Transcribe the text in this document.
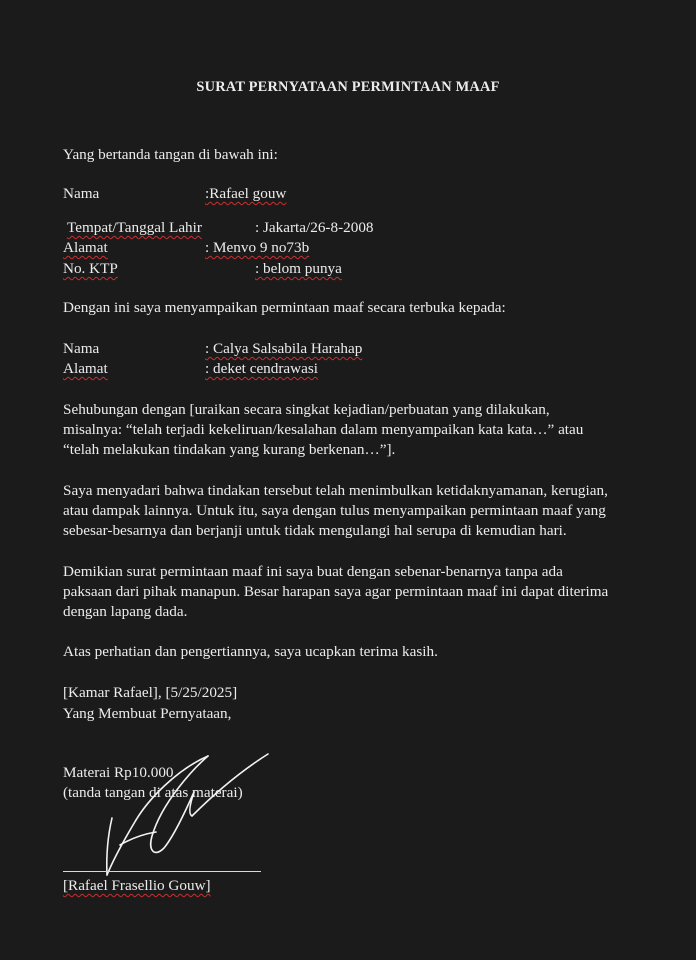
SURAT PERNYATAAN PERMINTAAN MAAF
Yang bertanda tangan di bawah ini:
Nama	:Rafael gouw
Tempat/Tanggal Lahir	: Jakarta/26-8-2008
Alamat	: Menvo 9 no73b
No. KTP	: belom punya
Dengan ini saya menyampaikan permintaan maaf secara terbuka kepada:
Nama	: Calya Salsabila Harahap
Alamat	: deket cendrawasi
Sehubungan dengan [uraikan secara singkat kejadian/perbuatan yang dilakukan,
misalnya: “telah terjadi kekeliruan/kesalahan dalam menyampaikan kata kata…” atau
“telah melakukan tindakan yang kurang berkenan…”].
Saya menyadari bahwa tindakan tersebut telah menimbulkan ketidaknyamanan, kerugian,
atau dampak lainnya. Untuk itu, saya dengan tulus menyampaikan permintaan maaf yang
sebesar-besarnya dan berjanji untuk tidak mengulangi hal serupa di kemudian hari.
Demikian surat permintaan maaf ini saya buat dengan sebenar-benarnya tanpa ada
paksaan dari pihak manapun. Besar harapan saya agar permintaan maaf ini dapat diterima
dengan lapang dada.
Atas perhatian dan pengertiannya, saya ucapkan terima kasih.
[Kamar Rafael], [5/25/2025]
Yang Membuat Pernyataan,
Materai Rp10.000
(tanda tangan di atas materai)
[Rafael Frasellio Gouw]
